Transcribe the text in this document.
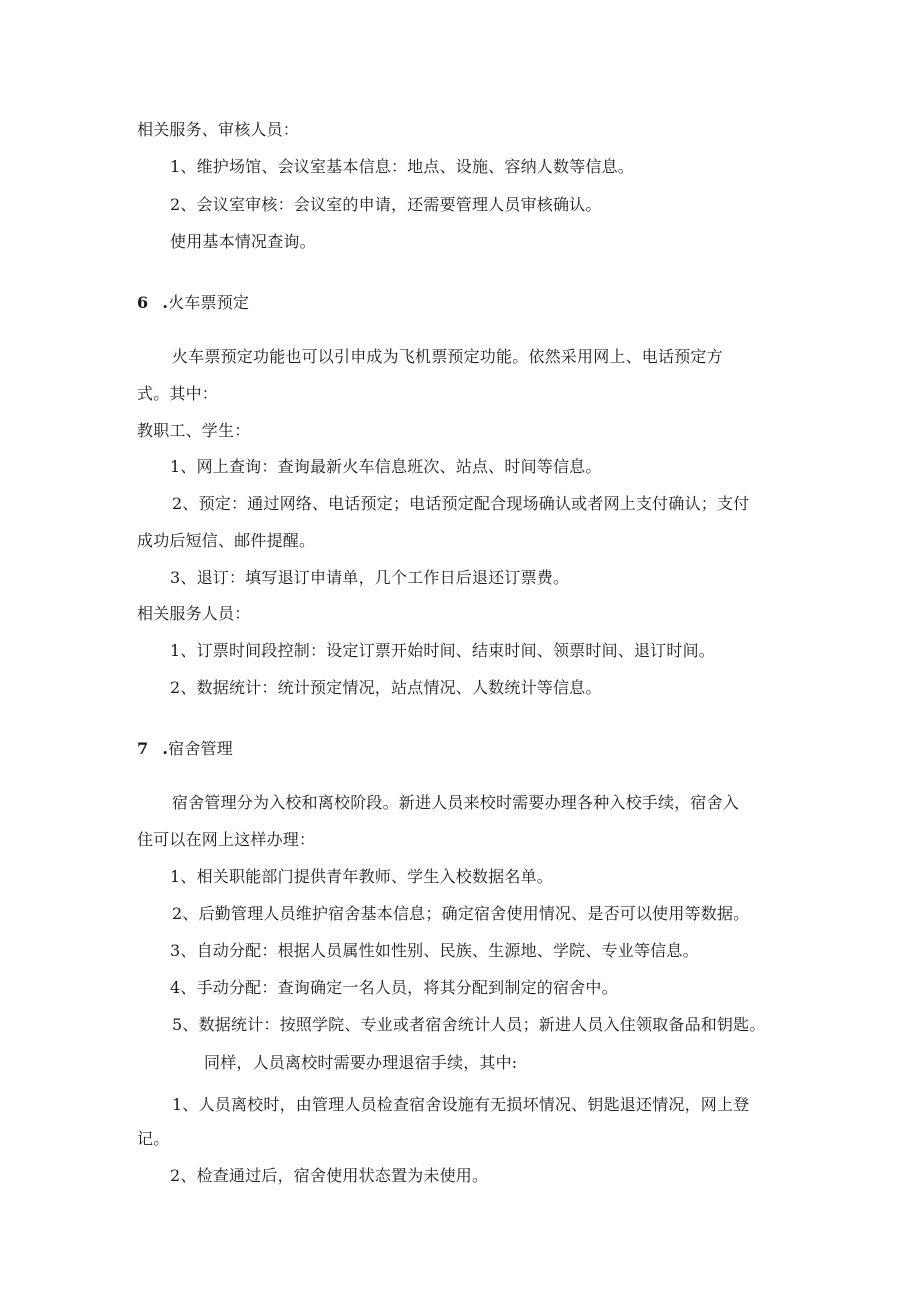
相关服务、审核人员：
1、维护场馆、会议室基本信息：地点、设施、容纳人数等信息。
2、会议室审核：会议室的申请，还需要管理人员审核确认。
使用基本情况查询。
6 .火车票预定
火车票预定功能也可以引申成为飞机票预定功能。依然采用网上、电话预定方
式。其中：
教职工、学生：
1、网上查询：查询最新火车信息班次、站点、时间等信息。
2、预定：通过网络、电话预定；电话预定配合现场确认或者网上支付确认；支付
成功后短信、邮件提醒。
3、退订：填写退订申请单，几个工作日后退还订票费。
相关服务人员：
1、订票时间段控制：设定订票开始时间、结束时间、领票时间、退订时间。
2、数据统计：统计预定情况，站点情况、人数统计等信息。
7 .宿舍管理
宿舍管理分为入校和离校阶段。新进人员来校时需要办理各种入校手续，宿舍入
住可以在网上这样办理：
1、相关职能部门提供青年教师、学生入校数据名单。
2、后勤管理人员维护宿舍基本信息；确定宿舍使用情况、是否可以使用等数据。
3、自动分配：根据人员属性如性别、民族、生源地、学院、专业等信息。
4、手动分配：查询确定一名人员，将其分配到制定的宿舍中。
5、数据统计：按照学院、专业或者宿舍统计人员；新进人员入住领取备品和钥匙。
同样，人员离校时需要办理退宿手续，其中:
1、人员离校时，由管理人员检查宿舍设施有无损坏情况、钥匙退还情况，网上登
记。
2、检查通过后，宿舍使用状态置为未使用。
